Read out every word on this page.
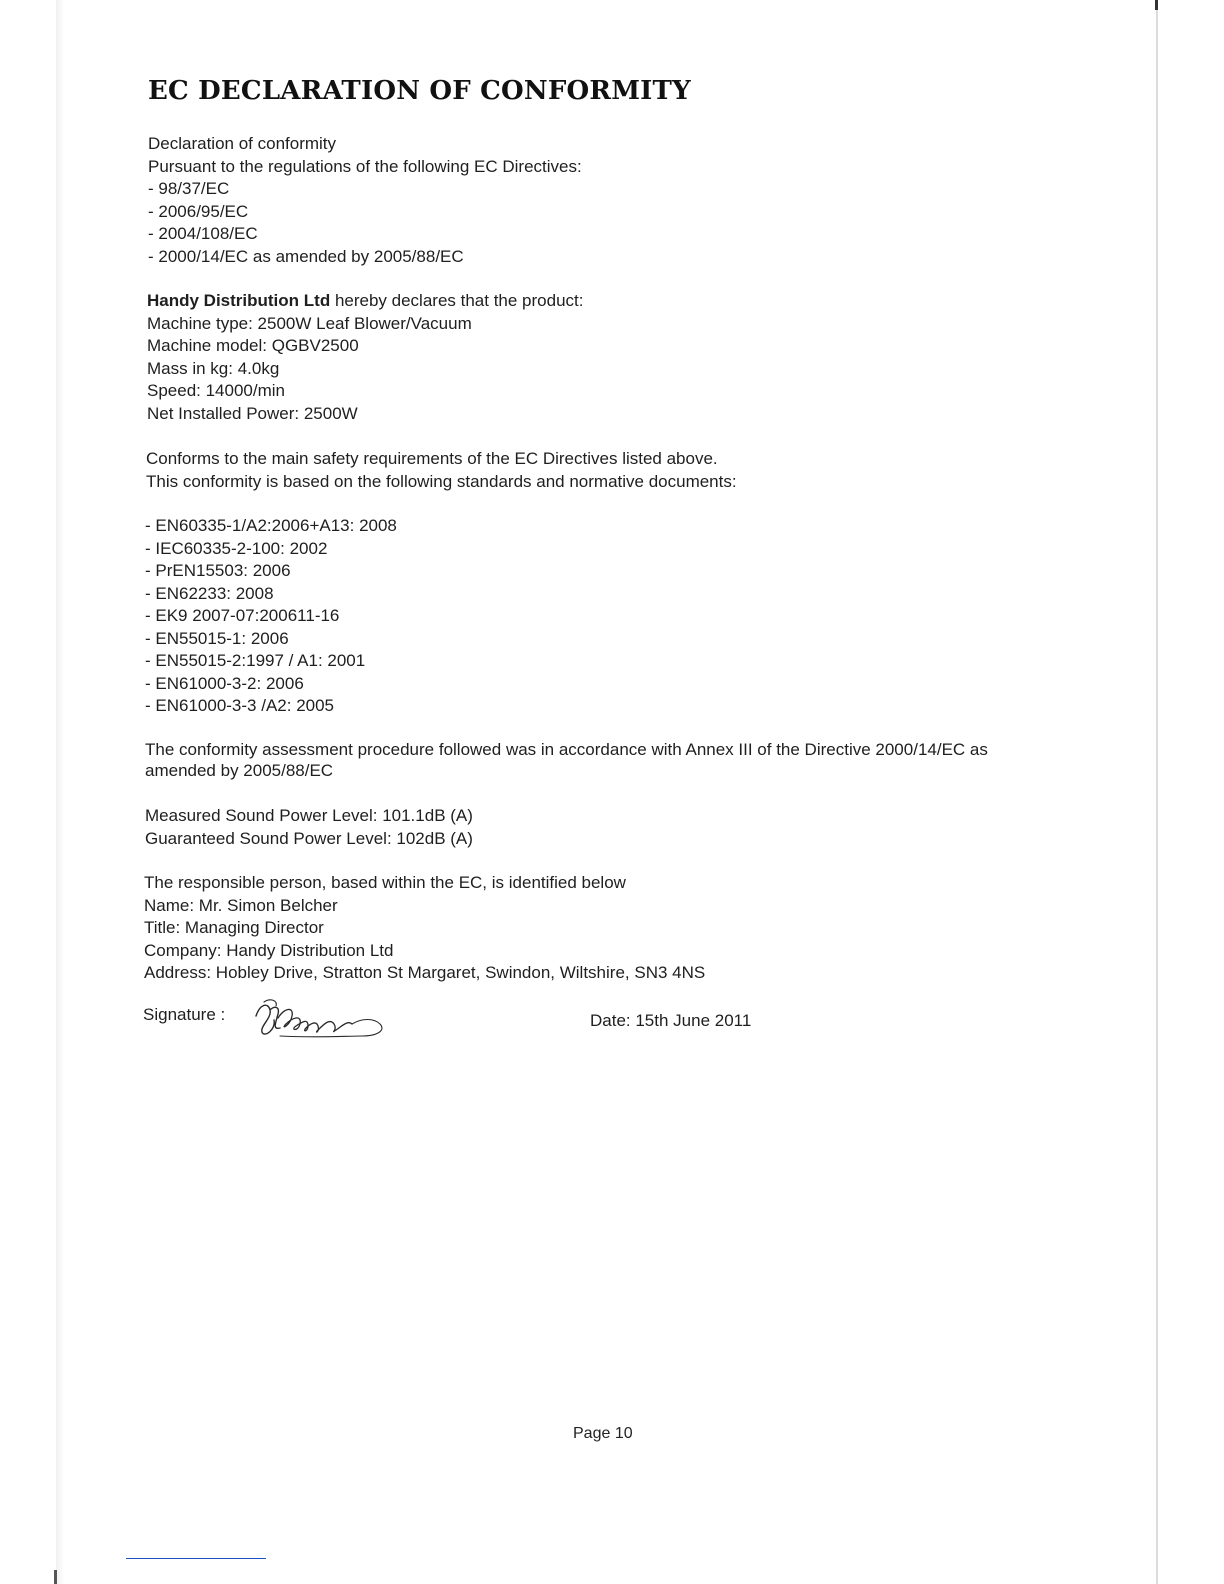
EC DECLARATION OF CONFORMITY
Declaration of conformity
Pursuant to the regulations of the following EC Directives:
- 98/37/EC
- 2006/95/EC
- 2004/108/EC
- 2000/14/EC as amended by 2005/88/EC
Handy Distribution Ltd hereby declares that the product:
Machine type: 2500W Leaf Blower/Vacuum
Machine model: QGBV2500
Mass in kg: 4.0kg
Speed: 14000/min
Net Installed Power: 2500W
Conforms to the main safety requirements of the EC Directives listed above.
This conformity is based on the following standards and normative documents:
- EN60335-1/A2:2006+A13: 2008
- IEC60335-2-100: 2002
- PrEN15503: 2006
- EN62233: 2008
- EK9 2007-07:200611-16
- EN55015-1: 2006
- EN55015-2:1997 / A1: 2001
- EN61000-3-2: 2006
- EN61000-3-3 /A2: 2005
The conformity assessment procedure followed was in accordance with Annex III of the Directive 2000/14/EC as
amended by 2005/88/EC
Measured Sound Power Level: 101.1dB (A)
Guaranteed Sound Power Level: 102dB (A)
The responsible person, based within the EC, is identified below
Name: Mr. Simon Belcher
Title: Managing Director
Company: Handy Distribution Ltd
Address: Hobley Drive, Stratton St Margaret, Swindon, Wiltshire, SN3 4NS
Signature :	Date: 15th June 2011
Page 10
